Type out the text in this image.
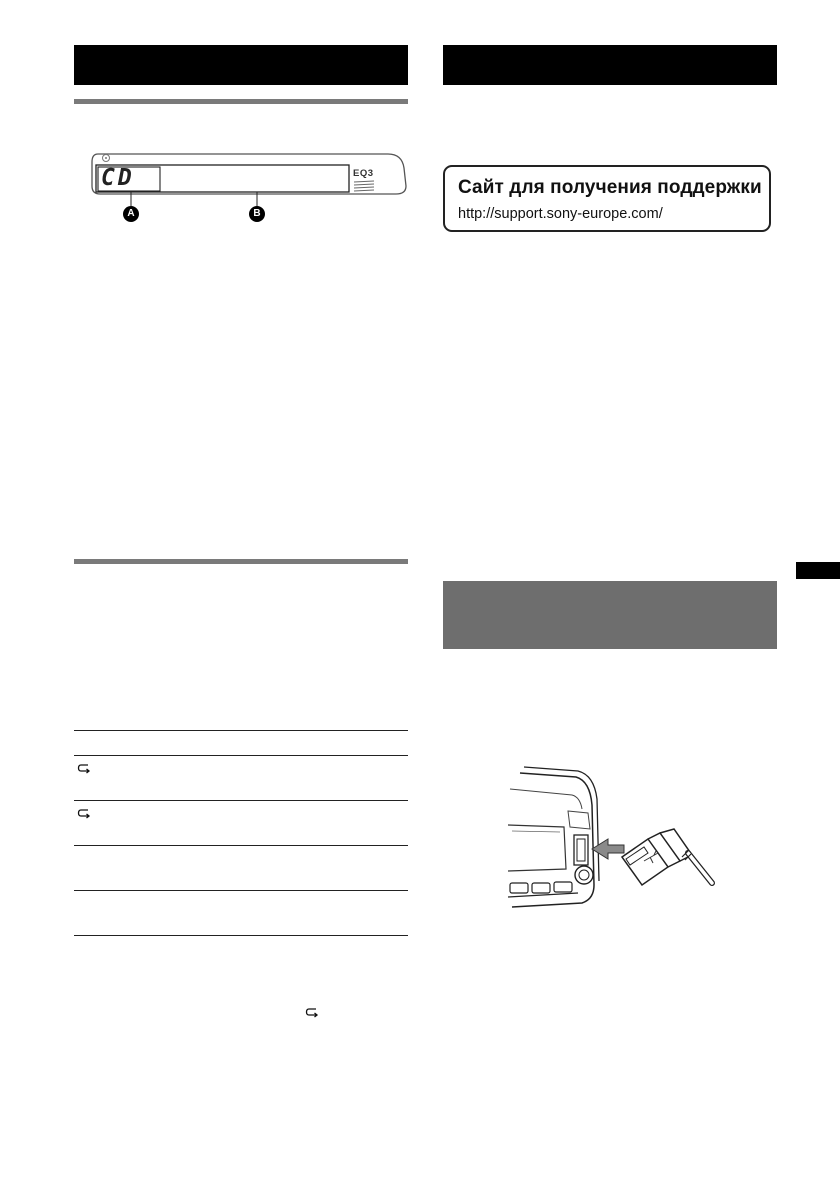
CD	EQ3
A	B
Сайт для получения поддержки
http://support.sony-europe.com/
